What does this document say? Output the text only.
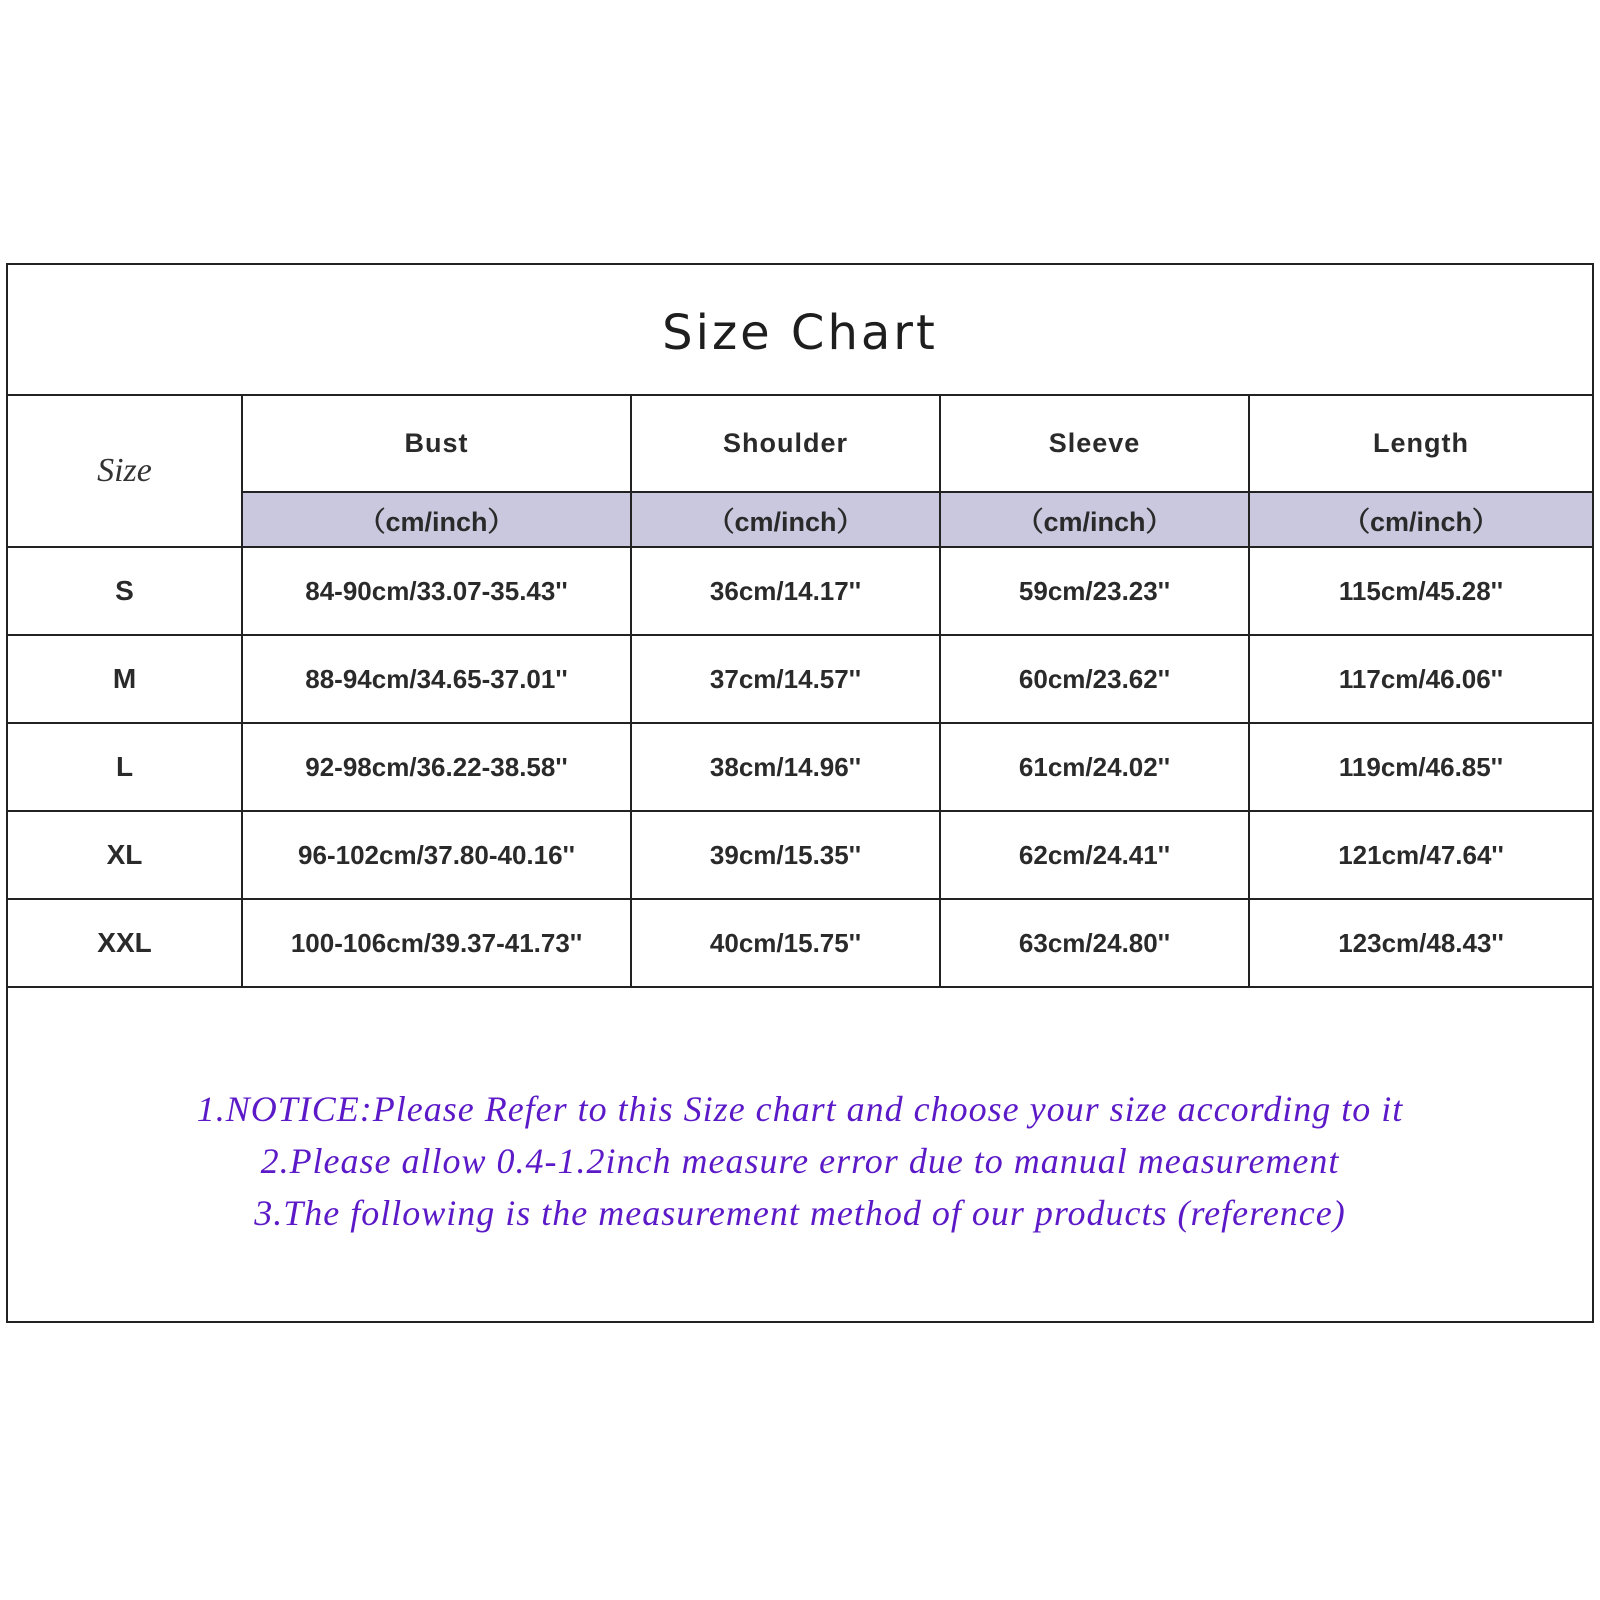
Size Chart
Size	Bust	Shoulder	Sleeve	Length
	（cm/inch）	（cm/inch）	（cm/inch）	（cm/inch）
S	84-90cm/33.07-35.43''	36cm/14.17''	59cm/23.23''	115cm/45.28''
M	88-94cm/34.65-37.01''	37cm/14.57''	60cm/23.62''	117cm/46.06''
L	92-98cm/36.22-38.58''	38cm/14.96''	61cm/24.02''	119cm/46.85''
XL	96-102cm/37.80-40.16''	39cm/15.35''	62cm/24.41''	121cm/47.64''
XXL	100-106cm/39.37-41.73''	40cm/15.75''	63cm/24.80''	123cm/48.43''
1.NOTICE:Please Refer to this Size chart and choose your size according to it
2.Please allow 0.4-1.2inch measure error due to manual measurement
3.The following is the measurement method of our products (reference)
